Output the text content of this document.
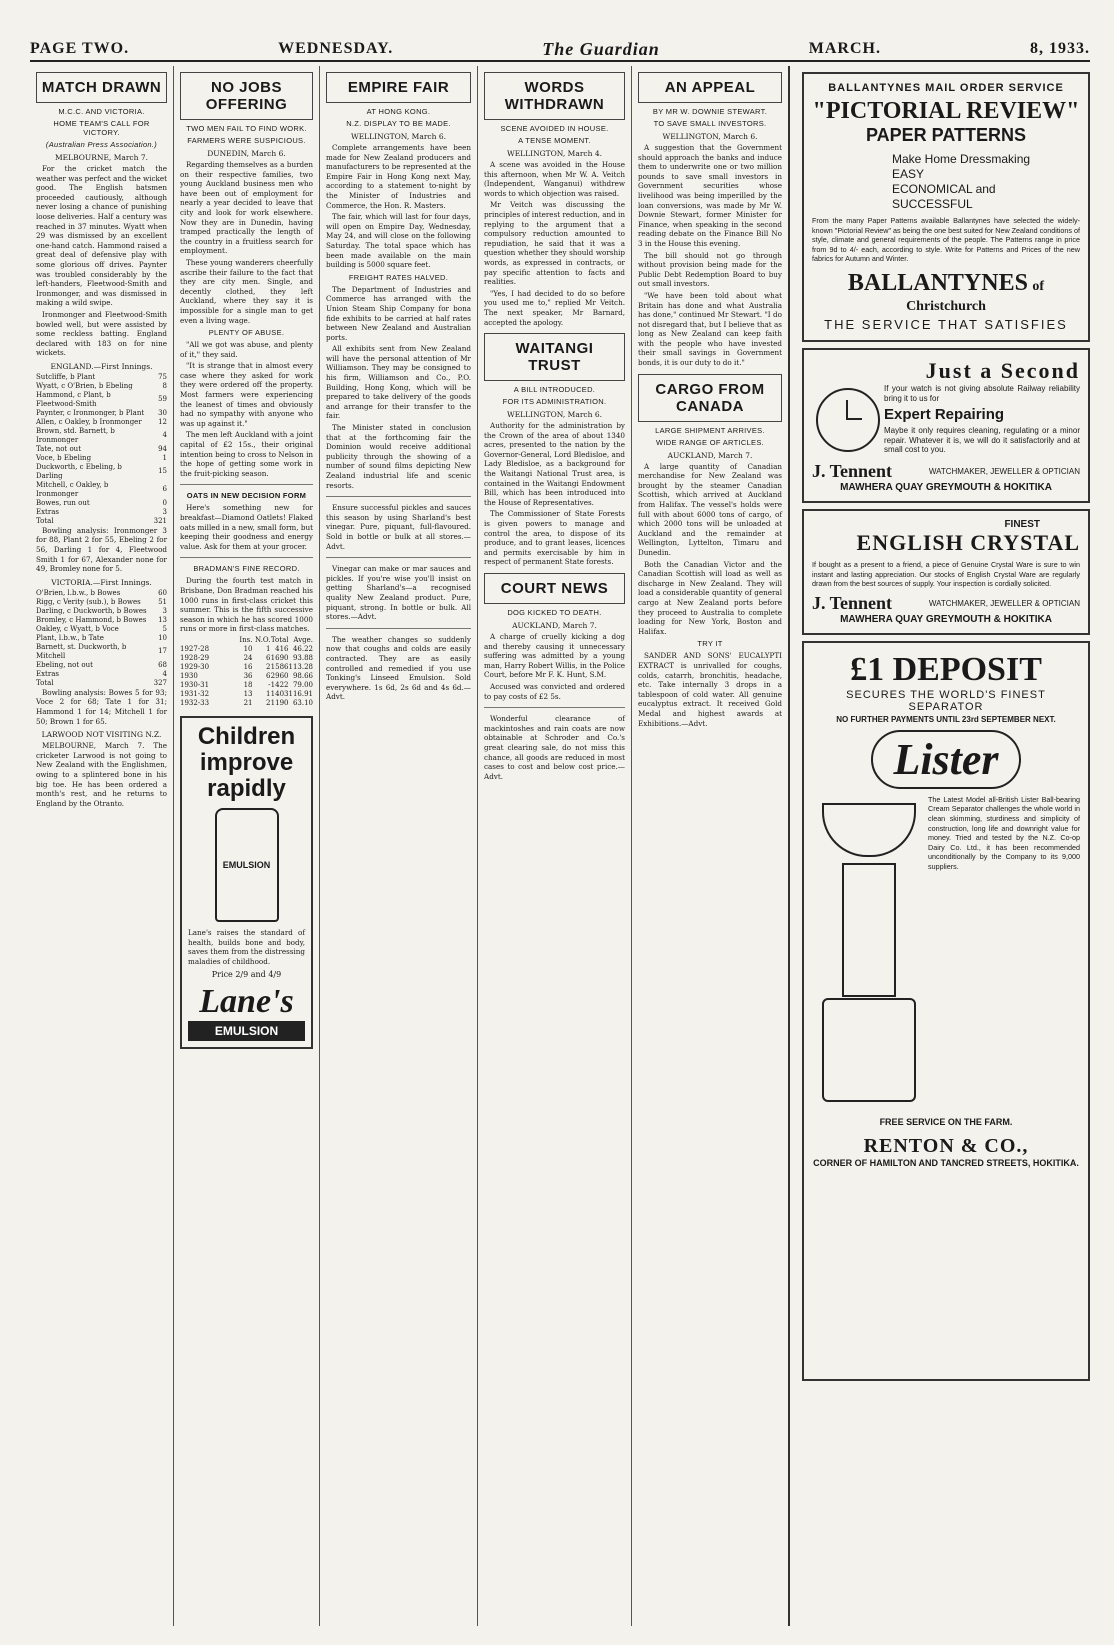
PAGE TWO.	WEDNESDAY.	The Guardian	MARCH.	8, 1933.
MATCH DRAWN
M.C.C. AND VICTORIA.
HOME TEAM'S CALL FOR VICTORY.
(Australian Press Association.)
MELBOURNE, March 7.

For the cricket match the weather was perfect and the wicket good. The English batsmen proceeded cautiously, although never losing a chance of punishing loose deliveries. Half a century was reached in 37 minutes. Wyatt when 29 was dismissed by an excellent one-hand catch. Hammond raised a great deal of defensive play with some glorious off drives. Paynter was troubled considerably by the left-handers, Fleetwood-Smith and Ironmonger, and was dismissed in making a wild swipe.

Ironmonger and Fleetwood-Smith bowled well, but were assisted by some reckless batting. England declared with 183 on for nine wickets.

ENGLAND.—First Innings.
Sutcliffe, b Plant	75
Wyatt, c O'Brien, b Ebeling	8
Hammond, c Plant, b Fleetwood-Smith	59
Paynter, c Ironmonger, b Plant	30
Allen, c Oakley, b Ironmonger	12
Brown, std. Barnett, b Ironmonger	4
Tate, not out	94
Voce, b Ebeling	1
Duckworth, c Ebeling, b Darling	15
Mitchell, c Oakley, b Ironmonger	6
Bowes, run out	0
Extras	3
Total	321

Bowling analysis: Ironmonger 3 for 88, Plant 2 for 55, Ebeling 2 for 56, Darling 1 for 4, Fleetwood Smith 1 for 67, Alexander none for 49, Bromley none for 5.

VICTORIA.—First Innings.
O'Brien, l.b.w., b Bowes	60
Rigg, c Verity (sub.), b Bowes	51
Darling, c Duckworth, b Bowes	3
Bromley, c Hammond, b Bowes	13
Oakley, c Wyatt, b Voce	5
Plant, l.b.w., b Tate	10
Barnett, st. Duckworth, b Mitchell	17
Ebeling, not out	68
Extras	4
Total	327

Bowling analysis: Bowes 5 for 93; Voce 2 for 68; Tate 1 for 31; Hammond 1 for 14; Mitchell 1 for 50; Brown 1 for 65.

LARWOOD NOT VISITING N.Z.

MELBOURNE, March 7. The cricketer Larwood is not going to New Zealand with the Englishmen, owing to a splintered bone in his big toe. He has been ordered a month's rest, and he returns to England by the Otranto.

NO JOBS OFFERING
TWO MEN FAIL TO FIND WORK.
FARMERS WERE SUSPICIOUS.
DUNEDIN, March 6.

Regarding themselves as a burden on their respective families, two young Auckland business men who have been out of employment for nearly a year decided to leave that city and look for work elsewhere. Now they are in Dunedin, having tramped practically the length of the country in a fruitless search for employment.

These young wanderers cheerfully ascribe their failure to the fact that they are city men. Single, and decently clothed, they left Auckland, where they say it is impossible for a single man to get even a living wage.

PLENTY OF ABUSE.

"All we got was abuse, and plenty of it," they said.

"It is strange that in almost every case where they asked for work they were ordered off the property. Most farmers were experiencing the leanest of times and obviously had no sympathy with anyone who was up against it."

The men left Auckland with a joint capital of £2 15s., their original intention being to cross to Nelson in the hope of getting some work in the fruit-picking season.

OATS IN NEW DECISION FORM

Here's something new for breakfast—Diamond Oatlets! Flaked oats milled in a new, small form, but keeping their goodness and energy value. Ask for them at your grocer.

BRADMAN'S FINE RECORD.

During the fourth test match in Brisbane, Don Bradman reached his 1000 runs in first-class cricket this summer. This is the fifth successive season in which he has scored 1000 runs or more in first-class matches.

	Ins.	N.O.	Total	Avge.
1927-28	10	1	416	46.22
1928-29	24	6	1690	93.88
1929-30	16	2	1586	113.28
1930	36	6	2960	98.66
1930-31	18	-	1422	79.00
1931-32	13	1	1403	116.91
1932-33	21	2	1190	63.10
Children improve rapidly
EMULSION

Lane's raises the standard of health, builds bone and body, saves them from the distressing maladies of childhood.

Price 2/9 and 4/9
Lane's
EMULSION
EMPIRE FAIR
AT HONG KONG.
N.Z. DISPLAY TO BE MADE.
WELLINGTON, March 6.

Complete arrangements have been made for New Zealand producers and manufacturers to be represented at the Empire Fair in Hong Kong next May, according to a statement to-night by the Minister of Industries and Commerce, the Hon. R. Masters.

The fair, which will last for four days, will open on Empire Day, Wednesday, May 24, and will close on the following Saturday. The total space which has been made available on the main building is 5000 square feet.

FREIGHT RATES HALVED.

The Department of Industries and Commerce has arranged with the Union Steam Ship Company for bona fide exhibits to be carried at half rates between New Zealand and Australian ports.

All exhibits sent from New Zealand will have the personal attention of Mr Williamson. They may be consigned to his firm, Williamson and Co., P.O. Building, Hong Kong, which will be prepared to take delivery of the goods and arrange for their transfer to the fair.

The Minister stated in conclusion that at the forthcoming fair the Dominion would receive additional publicity through the showing of a number of sound films depicting New Zealand industrial life and scenic resorts.

Ensure successful pickles and sauces this season by using Sharland's best vinegar. Pure, piquant, full-flavoured. Sold in bottle or bulk at all stores.—Advt.

Vinegar can make or mar sauces and pickles. If you're wise you'll insist on getting Sharland's—a recognised quality New Zealand product. Pure, piquant, strong. In bottle or bulk. All stores.—Advt.

The weather changes so suddenly now that coughs and colds are easily contracted. They are as easily controlled and remedied if you use Tonking's Linseed Emulsion. Sold everywhere. 1s 6d, 2s 6d and 4s 6d.—Advt.

WORDS WITHDRAWN
SCENE AVOIDED IN HOUSE.
A TENSE MOMENT.
WELLINGTON, March 4.

A scene was avoided in the House this afternoon, when Mr W. A. Veitch (Independent, Wanganui) withdrew words to which objection was raised.

Mr Veitch was discussing the principles of interest reduction, and in replying to the argument that a compulsory reduction amounted to repudiation, he said that it was a question whether they should worship words, as expressed in contracts, or pay specific attention to facts and realities.

"Yes, I had decided to do so before you used me to," replied Mr Veitch. The next speaker, Mr Barnard, accepted the apology.

WAITANGI TRUST
A BILL INTRODUCED.
FOR ITS ADMINISTRATION.
WELLINGTON, March 6.

Authority for the administration by the Crown of the area of about 1340 acres, presented to the nation by the Governor-General, Lord Bledisloe, and Lady Bledisloe, as a background for the Waitangi National Trust area, is contained in the Waitangi Endowment Bill, which has been introduced into the House of Representatives.

The Commissioner of State Forests is given powers to manage and control the area, to dispose of its produce, and to grant leases, licences and permits exercisable by him in respect of permanent State forests.

COURT NEWS
DOG KICKED TO DEATH.
AUCKLAND, March 7.

A charge of cruelly kicking a dog and thereby causing it unnecessary suffering was admitted by a young man, Harry Robert Willis, in the Police Court, before Mr F. K. Hunt, S.M.

Accused was convicted and ordered to pay costs of £2 5s.

Wonderful clearance of mackintoshes and rain coats are now obtainable at Schroder and Co.'s great clearing sale, do not miss this chance, all goods are reduced in most cases to cost and below cost price.—Advt.

AN APPEAL
BY MR W. DOWNIE STEWART.
TO SAVE SMALL INVESTORS.
WELLINGTON, March 6.

A suggestion that the Government should approach the banks and induce them to underwrite one or two million pounds to save small investors in Government securities whose livelihood was being imperilled by the loan conversions, was made by Mr W. Downie Stewart, former Minister for Finance, when speaking in the second reading debate on the Finance Bill No 3 in the House this evening.

The bill should not go through without provision being made for the Public Debt Redemption Board to buy out small investors.

"We have been told about what Britain has done and what Australia has done," continued Mr Stewart. "I do not disregard that, but I believe that as long as New Zealand can keep faith with the people who have invested their small savings in Government bonds, it is our duty to do it."

CARGO FROM CANADA
LARGE SHIPMENT ARRIVES.
WIDE RANGE OF ARTICLES.
AUCKLAND, March 7.

A large quantity of Canadian merchandise for New Zealand was brought by the steamer Canadian Scottish, which arrived at Auckland from Halifax. The vessel's holds were full with about 6000 tons of cargo, of which 2000 tons will be unloaded at Auckland and the remainder at Wellington, Lyttelton, Timaru and Dunedin.

Both the Canadian Victor and the Canadian Scottish will load as well as discharge in New Zealand. They will load a considerable quantity of general cargo at New Zealand ports before they proceed to Australia to complete loading for New York, Boston and Halifax.

TRY IT

SANDER AND SONS' EUCALYPTI EXTRACT is unrivalled for coughs, colds, catarrh, bronchitis, headache, etc. Take internally 3 drops in a tablespoon of cold water. All genuine eucalyptus extract. It received Gold Medal and highest awards at Exhibitions.—Advt.

BALLANTYNES MAIL ORDER SERVICE
"PICTORIAL REVIEW"
PAPER PATTERNS
Make Home Dressmaking
EASY
ECONOMICAL and
SUCCESSFUL

From the many Paper Patterns available Ballantynes have selected the widely-known "Pictorial Review" as being the one best suited for New Zealand conditions of style, climate and general requirements of the people. The Patterns range in price from 9d to 4/- each, according to style. Write for Patterns and Prices of the new fabrics for Autumn and Winter.

BALLANTYNES of Christchurch
THE SERVICE THAT SATISFIES
Just a Second

If your watch is not giving absolute Railway reliability bring it to us for

Expert Repairing

Maybe it only requires cleaning, regulating or a minor repair. Whatever it is, we will do it satisfactorily and at small cost to you.

J. Tennent	WATCHMAKER, JEWELLER & OPTICIAN
MAWHERA QUAY GREYMOUTH & HOKITIKA
FINEST
ENGLISH CRYSTAL

If bought as a present to a friend, a piece of Genuine Crystal Ware is sure to win instant and lasting appreciation. Our stocks of English Crystal Ware are regularly drawn from the best sources of supply. Your inspection is cordially solicited.

J. Tennent	WATCHMAKER, JEWELLER & OPTICIAN
MAWHERA QUAY GREYMOUTH & HOKITIKA
£1 DEPOSIT
SECURES THE WORLD'S FINEST SEPARATOR
NO FURTHER PAYMENTS UNTIL 23rd SEPTEMBER NEXT.
Lister

The Latest Model all-British Lister Ball-bearing Cream Separator challenges the whole world in clean skimming, sturdiness and simplicity of construction, long life and downright value for money. Tried and tested by the N.Z. Co-op Dairy Co. Ltd., it has been recommended unconditionally by the Company to its 9,000 suppliers.

FREE SERVICE ON THE FARM.
RENTON & CO.,
CORNER OF HAMILTON AND TANCRED STREETS, HOKITIKA.
